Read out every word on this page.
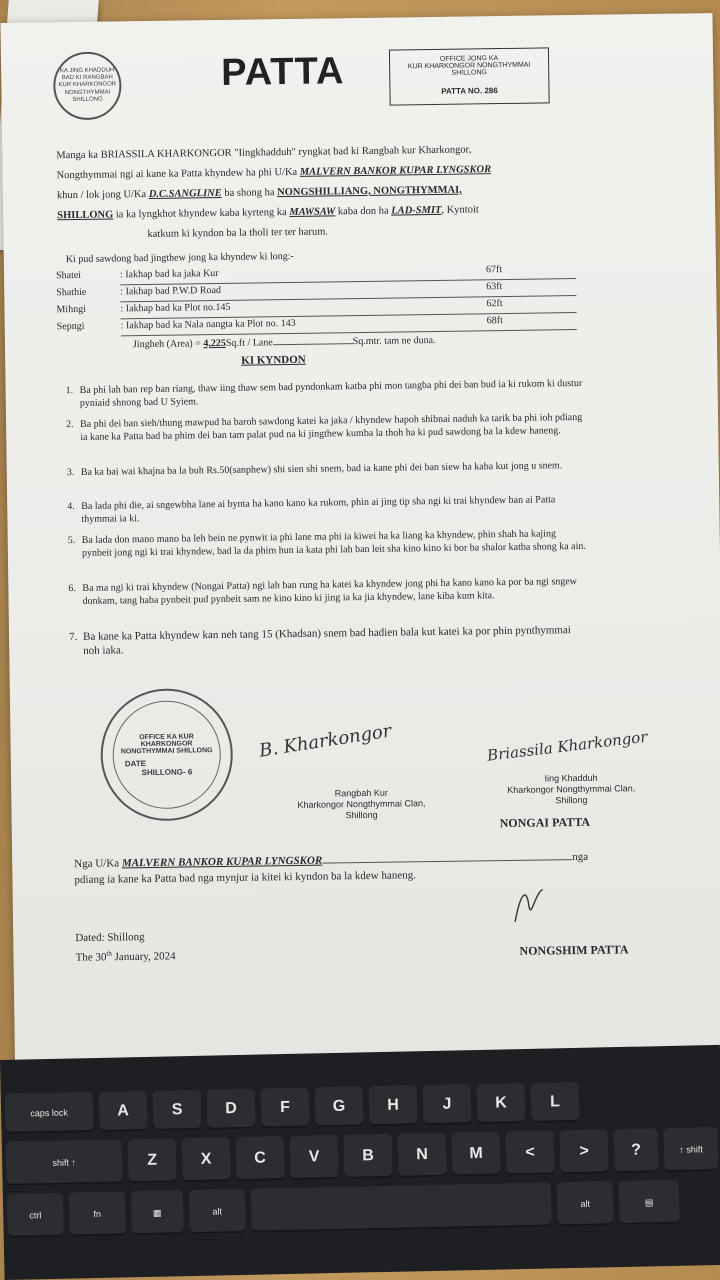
KA JING KHADDUH BAD KI RANGBAH KUR KHARKONGOR NONGTHYMMAI SHILLONG
PATTA	OFFICE JONG KA
KUR KHARKONGOR NONGTHYMMAI
SHILLONG
PATTA NO. 286
Manga ka BRIASSILA KHARKONGOR "Iingkhadduh" ryngkat bad ki Rangbah kur Kharkongor,
Nongthymmai ngi ai kane ka Patta khyndew ha phi U/Ka MALVERN BANKOR KUPAR LYNGSKOR
khun / lok jong U/Ka D.C.SANGLINE ba shong ha NONGSHILLIANG, NONGTHYMMAI,
SHILLONG ia ka lyngkhot khyndew kaba kyrteng ka MAWSAW kaba don ha LAD-SMIT, Kyntoit
katkum ki kyndon ba la tholi ter ter harum.
Ki pud sawdong bad jingthew jong ka khyndew ki long:-
Shatei	: Iakhap bad ka jaka Kur	67ft
Shathie	: Iakhap bad P.W.D Road	63ft
Mihngi	: Iakhap bad ka Plot no.145	62ft
Sepngi	: Iakhap bad ka Nala nangta ka Plot no. 143	68ft
Jingheh (Area) = 4,225Sq.ft / Lane	Sq.mtr. tam ne duna.
KI KYNDON
1. Ba phi lah ban rep ban riang, thaw iing thaw sem bad pyndonkam katba phi mon tangba phi dei ban bud ia ki rukom ki dustur pyniaid shnong bad U Syiem.
2. Ba phi dei ban sieh/thung mawpud ha baroh sawdong katei ka jaka / khyndew hapoh shibnai naduh ka tarik ba phi ioh pdiang ia kane ka Patta bad ba phim dei ban tam palat pud na ki jingthew kumba la thoh ha ki pud sawdong ba la kdew haneng.
3. Ba ka bai wai khajna ba la buh Rs.50(sanphew) shi sien shi snem, bad ia kane phi dei ban siew ha kaba kut jong u snem.
4. Ba lada phi die, ai sngewbha lane ai bynta ha kano kano ka rukom, phin ai jing tip sha ngi ki trai khyndew ban ai Patta thymmai ia ki.
5. Ba lada don mano mano ba leh bein ne pynwit ia phi lane ma phi ia kiwei ha ka liang ka khyndew, phin shah ha kajing pynbeit jong ngi ki trai khyndew, bad la da phim hun ia kata phi lah ban leit sha kino kino ki bor ba shalor katba shong ka ain.
6. Ba ma ngi ki trai khyndew (Nongai Patta) ngi lah ban rung ha katei ka khyndew jong phi ha kano kano ka por ba ngi sngew donkam, tang haba pynbeit pud pynbeit sam ne kino kino ki jing ia ka jia khyndew, lane kiba kum kita.
7. Ba kane ka Patta khyndew kan neh tang 15 (Khadsan) snem bad hadien bala kut katei ka por phin pynthymmai noh iaka.
OFFICE KA KUR KHARKONGOR NONGTHYMMAI SHILLONG
DATE
SHILLONG- 6
B. Kharkongor	Briassila Kharkongor
Rangbah Kur
Kharkongor Nongthymmai Clan,
Shillong
Iing Khadduh
Kharkongor Nongthymmai Clan,
Shillong
NONGAI PATTA
Nga U/Ka MALVERN BANKOR KUPAR LYNGSKOR	nga
pdiang ia kane ka Patta bad nga mynjur ia kitei ki kyndon ba la kdew haneng.
Dated: Shillong
The 30th January, 2024	NONGSHIM PATTA
caps lock	A	S	D	F	G	H	J	K	L
shift ↑	Z	X	C	V	B	N	M	<	>	?	↑ shift
ctrl	fn	▦	alt
alt	▤
